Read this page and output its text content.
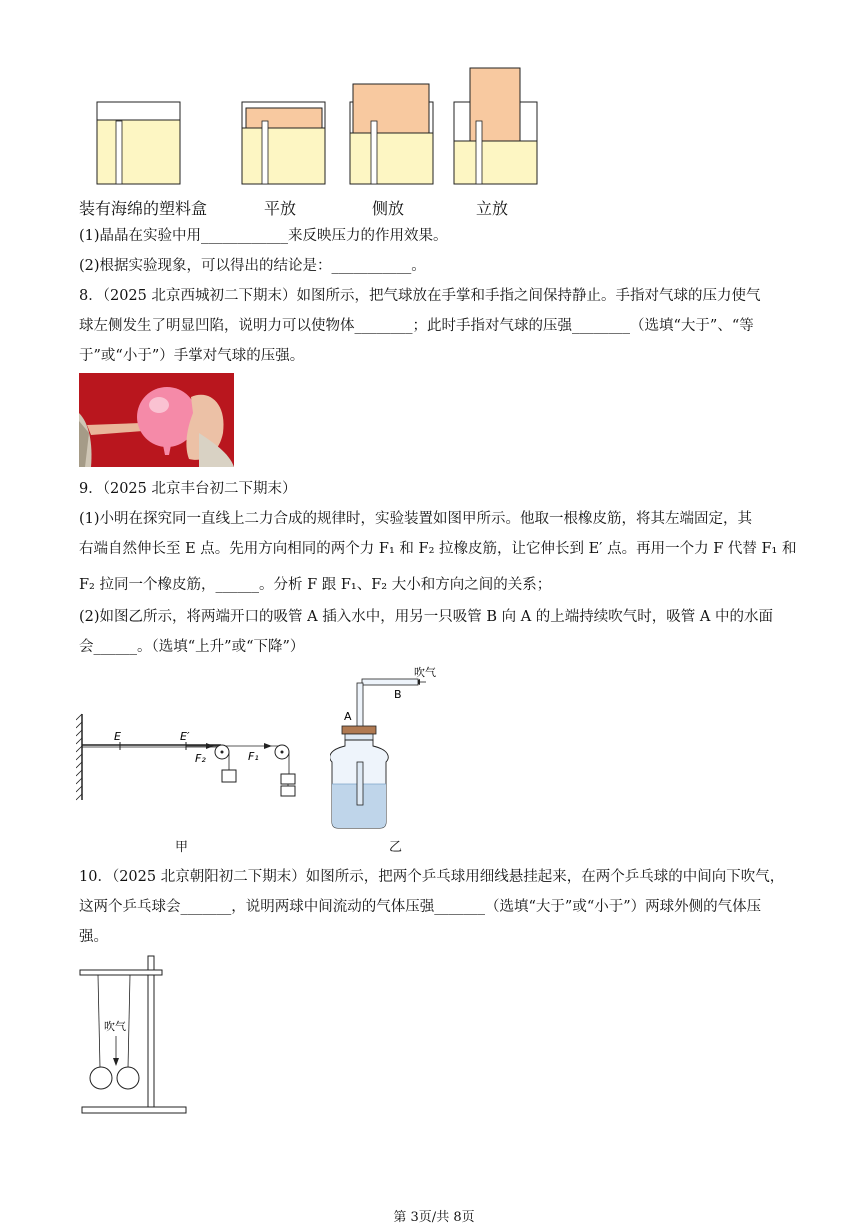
装有海绵的塑料盒	平放	侧放	立放
(1)晶晶在实验中用____________来反映压力的作用效果。
(2)根据实验现象，可以得出的结论是：___________。
8．（2025 北京西城初二下期末）如图所示，把气球放在手掌和手指之间保持静止。手指对气球的压力使气
球左侧发生了明显凹陷，说明力可以使物体________；此时手指对气球的压强________（选填“大于”、“等
于”或“小于”）手掌对气球的压强。
9．（2025 北京丰台初二下期末）
(1)小明在探究同一直线上二力合成的规律时，实验装置如图甲所示。他取一根橡皮筋，将其左端固定，其
右端自然伸长至 E 点。先用方向相同的两个力 F₁ 和 F₂ 拉橡皮筋，让它伸长到 E′ 点。再用一个力 F 代替 F₁ 和
F₂ 拉同一个橡皮筋，______。分析 F 跟 F₁、F₂ 大小和方向之间的关系；
(2)如图乙所示，将两端开口的吸管 A 插入水中，用另一只吸管 B 向 A 的上端持续吹气时，吸管 A 中的水面
会______。（选填“上升”或“下降”）
E	E′
F₂	F₁
甲
吹气
B
A
乙
10．（2025 北京朝阳初二下期末）如图所示，把两个乒乓球用细线悬挂起来，在两个乒乓球的中间向下吹气，
这两个乒乓球会_______，说明两球中间流动的气体压强_______（选填“大于”或“小于”）两球外侧的气体压
强。
吹气
第 3页/共 8页
